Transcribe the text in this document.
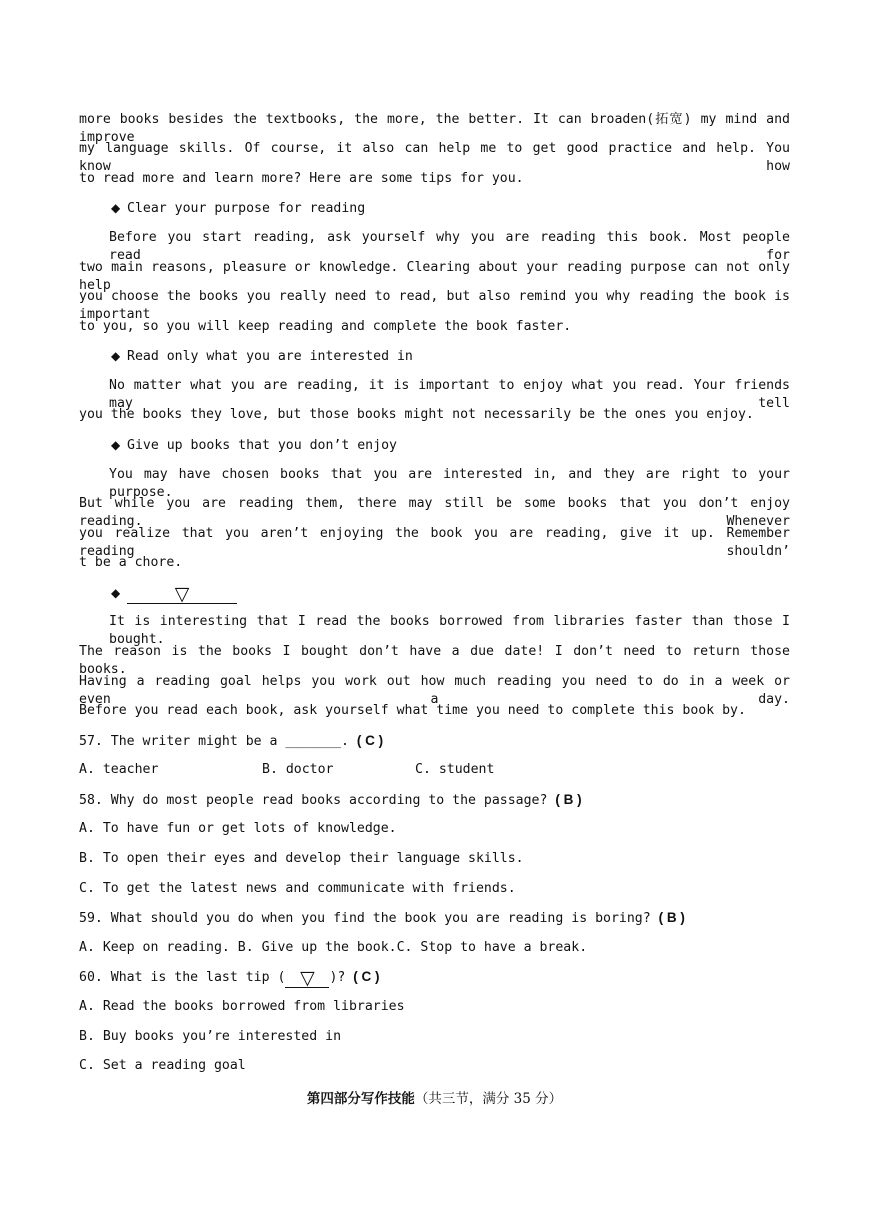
more books besides the textbooks, the more, the better. It can broaden(拓宽) my mind and improve
my language skills. Of course, it also can help me to get good practice and help. You know how
to read more and learn more? Here are some tips for you.
◆ Clear your purpose for reading
Before you start reading, ask yourself why you are reading this book. Most people read for
two main reasons, pleasure or knowledge. Clearing about your reading purpose can not only help
you choose the books you really need to read, but also remind you why reading the book is important
to you, so you will keep reading and complete the book faster.
◆ Read only what you are interested in
No matter what you are reading, it is important to enjoy what you read. Your friends may tell
you the books they love, but those books might not necessarily be the ones you enjoy.
◆ Give up books that you don’t enjoy
You may have chosen books that you are interested in, and they are right to your purpose.
But while you are reading them, there may still be some books that you don’t enjoy reading. Whenever
you realize that you aren’t enjoying the book you are reading, give it up. Remember reading shouldn’
t be a chore.
◆	▽
It is interesting that I read the books borrowed from libraries faster than those I bought.
The reason is the books I bought don’t have a due date! I don’t need to return those books.
Having a reading goal helps you work out how much reading you need to do in a week or even a day.
Before you read each book, ask yourself what time you need to complete this book by.
57. The writer might be a _______. ( C )
A. teacher	B. doctor	C. student
58. Why do most people read books according to the passage? ( B )
A. To have fun or get lots of knowledge.
B. To open their eyes and develop their language skills.
C. To get the latest news and communicate with friends.
59. What should you do when you find the book you are reading is boring? ( B )
A. Keep on reading. B. Give up the book.C. Stop to have a break.
60. What is the last tip ( ▽ )? ( C )
A. Read the books borrowed from libraries
B. Buy books you’re interested in
C. Set a reading goal
第四部分写作技能（共三节，满分 35 分）
